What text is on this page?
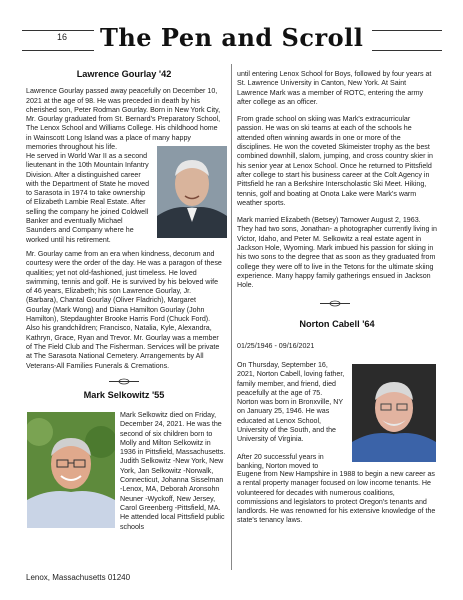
16 The Pen and Scroll
Lawrence Gourlay '42

Lawrence Gourlay passed away peacefully on December 10, 2021 at the age of 98. He was preceded in death by his cherished son, Peter Rodman Gourlay. Born in New York City, Mr. Gourlay graduated from St. Bernard's Preparatory School, The Lenox School and Williams College. His childhood home in Wainscott Long Island was a place of many happy memories throughout his life.

He served in World War II as a second lieutenant in the 10th Mountain Infantry Division. After a distinguished career with the Department of State he moved to Sarasota in 1974 to take ownership of Elizabeth Lambie Real Estate. After selling the company he joined Coldwell Banker and eventually Michael Saunders and Company where he worked until his retirement.

Mr. Gourlay came from an era when kindness, decorum and courtesy were the order of the day. He was a paragon of these qualities; yet not old-fashioned, just timeless. He loved swimming, tennis and golf. He is survived by his beloved wife of 46 years, Elizabeth; his son Lawrence Gourlay, Jr. (Barbara), Chantal Gourlay (Oliver Fladrich), Margaret Gourlay (Mark Wong) and Diana Hamilton Gourlay (John Hamilton), Stepdaughter Brooke Harris Ford (Chuck Ford). Also his grandchildren; Francisco, Natalia, Kyle, Alexandra, Kathryn, Grace, Ryan and Trevor. Mr. Gourlay was a member of The Field Club and The Fisherman. Services will be private at The Sarasota National Cemetery. Arrangements by All Veterans-All Families Funerals & Cremations.

Mark Selkowitz '55

Mark Selkowitz died on Friday, December 24, 2021. He was the second of six children born to Molly and Milton Selkowitz in 1936 in Pittsfield, Massachusetts. Judith Selkowitz -New York, New York, Jan Selkowitz -Norwalk, Connecticut, Johanna Sisselman -Lenox, MA, Deborah Aronsohn Neuner -Wyckoff, New Jersey, Carol Greenberg -Pittsfield, MA. He attended local Pittsfield public schools

Lenox, Massachusetts 01240

until entering Lenox School for Boys, followed by four years at St. Lawrence University in Canton, New York. At Saint Lawrence Mark was a member of ROTC, entering the army after college as an officer.

From grade school on skiing was Mark's extracurricular passion. He was on ski teams at each of the schools he attended often winning awards in one or more of the disciplines. He won the coveted Skimeister trophy as the best combined downhill, slalom, jumping, and cross country skier in his senior year at Lenox School. Once he returned to Pittsfield after college to start his business career at the Colt Agency in Pittsfield he ran a Berkshire Interscholastic Ski Meet. Hiking, tennis, golf and boating at Onota Lake were Mark's warm weather sports.

Mark married Elizabeth (Betsey) Tarnower August 2, 1963. They had two sons, Jonathan- a photographer currently living in Victor, Idaho, and Peter M. Selkowitz a real estate agent in Jackson Hole, Wyoming. Mark imbued his passion for skiing in his two sons to the degree that as soon as they graduated from college they were off to live in the Tetons for the ultimate skiing experience. Many happy family gatherings ensued in Jackson Hole.

Norton Cabell '64
01/25/1946 - 09/16/2021

On Thursday, September 16, 2021, Norton Cabell, loving father, family member, and friend, died peacefully at the age of 75. Norton was born in Bronxville, NY on January 25, 1946. He was educated at Lenox School, University of the South, and the University of Virginia.

After 20 successful years in banking, Norton moved to

Eugene from New Hampshire in 1988 to begin a new career as a rental property manager focused on low income tenants. He volunteered for decades with numerous coalitions, commissions and legislators to protect Oregon's tenants and landlords. He was renowned for his extensive knowledge of the state's tenancy laws.
